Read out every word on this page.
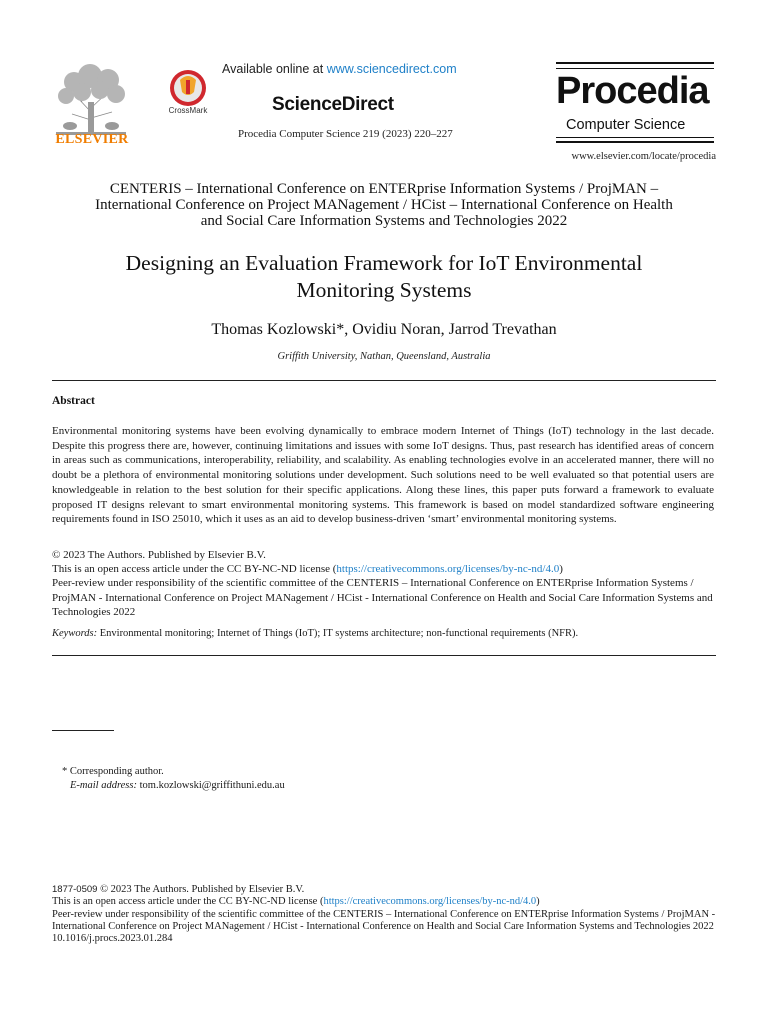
ELSEVIER
CrossMark
Available online at www.sciencedirect.com
ScienceDirect
Procedia Computer Science 219 (2023) 220–227
Procedia
Computer Science
www.elsevier.com/locate/procedia
CENTERIS – International Conference on ENTERprise Information Systems / ProjMAN –
International Conference on Project MANagement / HCist – International Conference on Health
and Social Care Information Systems and Technologies 2022
Designing an Evaluation Framework for IoT Environmental
Monitoring Systems
Thomas Kozlowski*, Ovidiu Noran, Jarrod Trevathan
Griffith University, Nathan, Queensland, Australia
Abstract
Environmental monitoring systems have been evolving dynamically to embrace modern Internet of Things (IoT) technology in the last decade. Despite this progress there are, however, continuing limitations and issues with some IoT designs. Thus, past research has identified areas of concern in areas such as communications, interoperability, reliability, and scalability. As enabling technologies evolve in an accelerated manner, there will no doubt be a plethora of environmental monitoring solutions under development. Such solutions need to be well evaluated so that potential users are knowledgeable in relation to the best solution for their specific applications. Along these lines, this paper puts forward a framework to evaluate proposed IT designs relevant to smart environmental monitoring systems. This framework is based on model standardized software engineering requirements found in ISO 25010, which it uses as an aid to develop business-driven ‘smart’ environmental monitoring systems.
© 2023 The Authors. Published by Elsevier B.V.
This is an open access article under the CC BY-NC-ND license (https://creativecommons.org/licenses/by-nc-nd/4.0)
Peer-review under responsibility of the scientific committee of the CENTERIS – International Conference on ENTERprise Information Systems / ProjMAN - International Conference on Project MANagement / HCist - International Conference on Health and Social Care Information Systems and Technologies 2022
Keywords: Environmental monitoring; Internet of Things (IoT); IT systems architecture; non-functional requirements (NFR).
* Corresponding author.
E-mail address: tom.kozlowski@griffithuni.edu.au
1877-0509 © 2023 The Authors. Published by Elsevier B.V.
This is an open access article under the CC BY-NC-ND license (https://creativecommons.org/licenses/by-nc-nd/4.0)
Peer-review under responsibility of the scientific committee of the CENTERIS – International Conference on ENTERprise Information Systems / ProjMAN - International Conference on Project MANagement / HCist - International Conference on Health and Social Care Information Systems and Technologies 2022
10.1016/j.procs.2023.01.284
